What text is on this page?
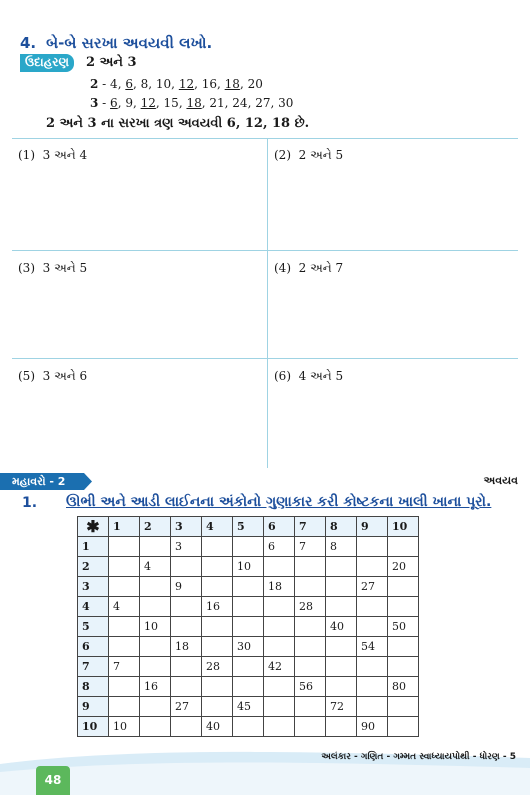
4. બે-બે સરખા અવયવી લખો.
ઉદાહરણ	2 અને 3
2 - 4, 6, 8, 10, 12, 16, 18, 20
3 - 6, 9, 12, 15, 18, 21, 24, 27, 30
2 અને 3 ના સરખા ત્રણ અવયવી 6, 12, 18 છે.
(1) 3 અને 4	(2) 2 અને 5
(3) 3 અને 5	(4) 2 અને 7
(5) 3 અને 6	(6) 4 અને 5
મહાવરો - 2	અવયવ
1. ઊભી અને આડી લાઈનના અંકોનો ગુણાકાર કરી કોષ્ટકના ખાલી ખાના પૂરો.
✱	1	2	3	4	5	6	7	8	9	10
1			3			6	7	8		
2		4			10					20
3			9			18			27	
4	4			16			28			
5		10						40		50
6			18		30				54	
7	7			28		42				
8		16					56			80
9			27		45			72		
10	10			40					90	
અલંકાર - ગણિત - ગમ્મત સ્વાધ્યાયપોથી - ધોરણ - 5
48
